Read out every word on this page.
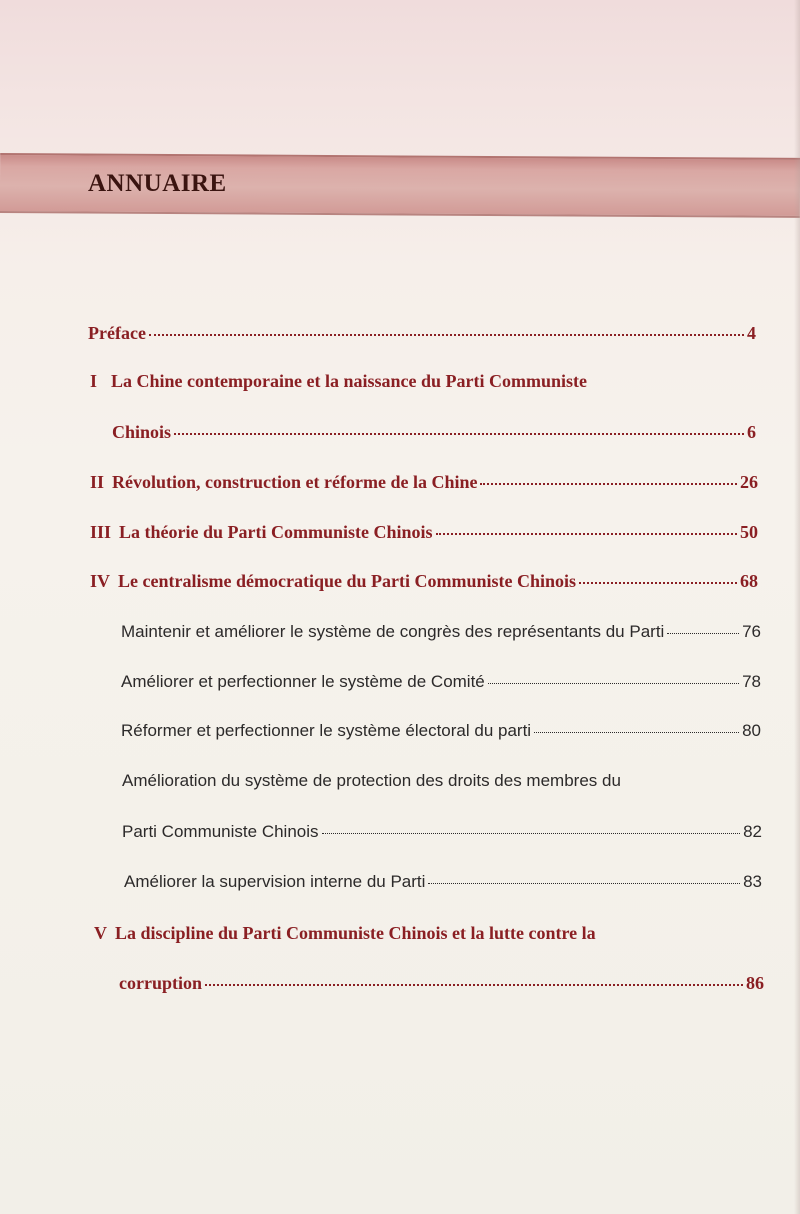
ANNUAIRE
Préface	4
I La Chine contemporaine et la naissance du Parti Communiste
Chinois	6
II Révolution, construction et réforme de la Chine	26
III La théorie du Parti Communiste Chinois	50
IV Le centralisme démocratique du Parti Communiste Chinois	68
Maintenir et améliorer le système de congrès des représentants du Parti	76
Améliorer et perfectionner le système de Comité	78
Réformer et perfectionner le système électoral du parti	80
Amélioration du système de protection des droits des membres du
Parti Communiste Chinois	82
Améliorer la supervision interne du Parti	83
V La discipline du Parti Communiste Chinois et la lutte contre la
corruption	86
